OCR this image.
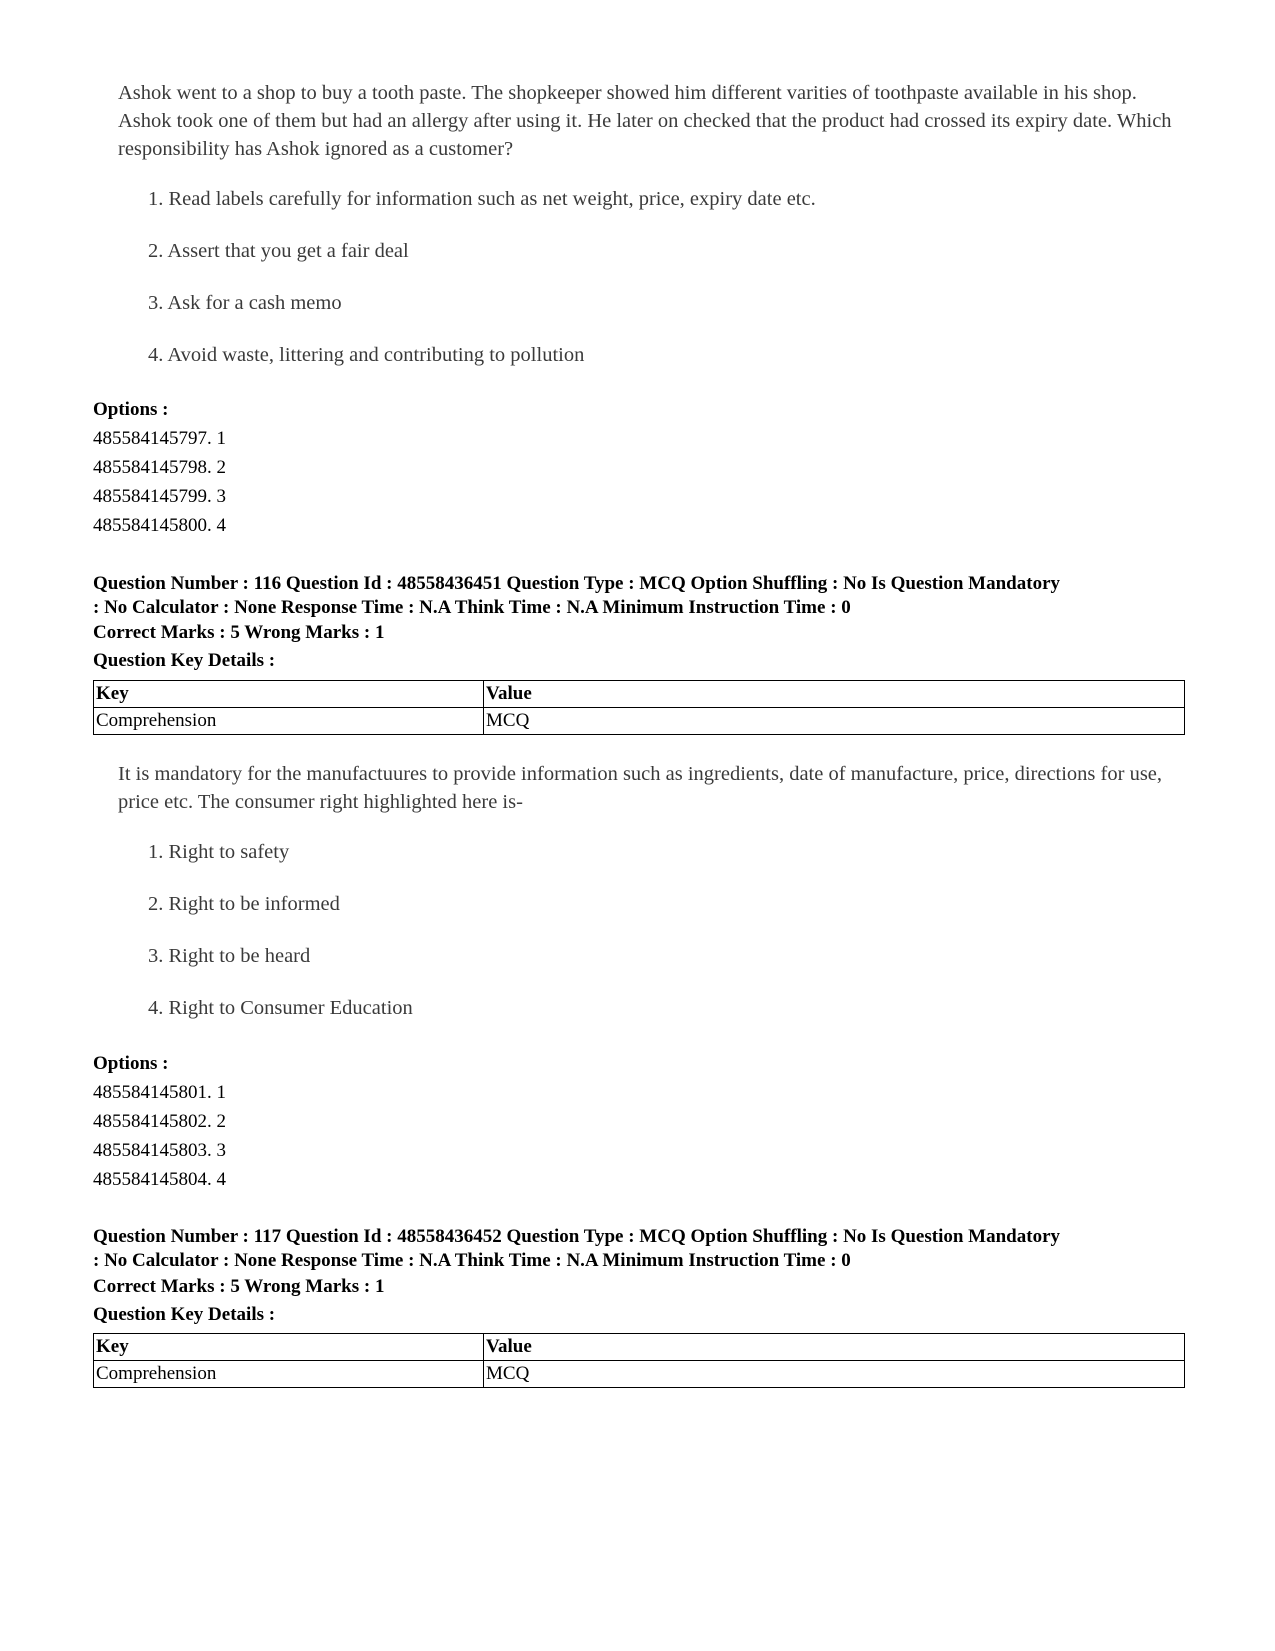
Ashok went to a shop to buy a tooth paste. The shopkeeper showed him different varities of toothpaste available in his shop. Ashok took one of them but had an allergy after using it. He later on checked that the product had crossed its expiry date. Which responsibility has Ashok ignored as a customer?

1. Read labels carefully for information such as net weight, price, expiry date etc.
2. Assert that you get a fair deal
3. Ask for a cash memo
4. Avoid waste, littering and contributing to pollution
Options :
485584145797. 1
485584145798. 2
485584145799. 3
485584145800. 4
Question Number : 116 Question Id : 48558436451 Question Type : MCQ Option Shuffling : No Is Question Mandatory
: No Calculator : None Response Time : N.A Think Time : N.A Minimum Instruction Time : 0
Correct Marks : 5 Wrong Marks : 1
Question Key Details :
Key	Value
Comprehension	MCQ

It is mandatory for the manufactuures to provide information such as ingredients, date of manufacture, price, directions for use, price etc. The consumer right highlighted here is-

1. Right to safety
2. Right to be informed
3. Right to be heard
4. Right to Consumer Education
Options :
485584145801. 1
485584145802. 2
485584145803. 3
485584145804. 4
Question Number : 117 Question Id : 48558436452 Question Type : MCQ Option Shuffling : No Is Question Mandatory
: No Calculator : None Response Time : N.A Think Time : N.A Minimum Instruction Time : 0
Correct Marks : 5 Wrong Marks : 1
Question Key Details :
Key	Value
Comprehension	MCQ
